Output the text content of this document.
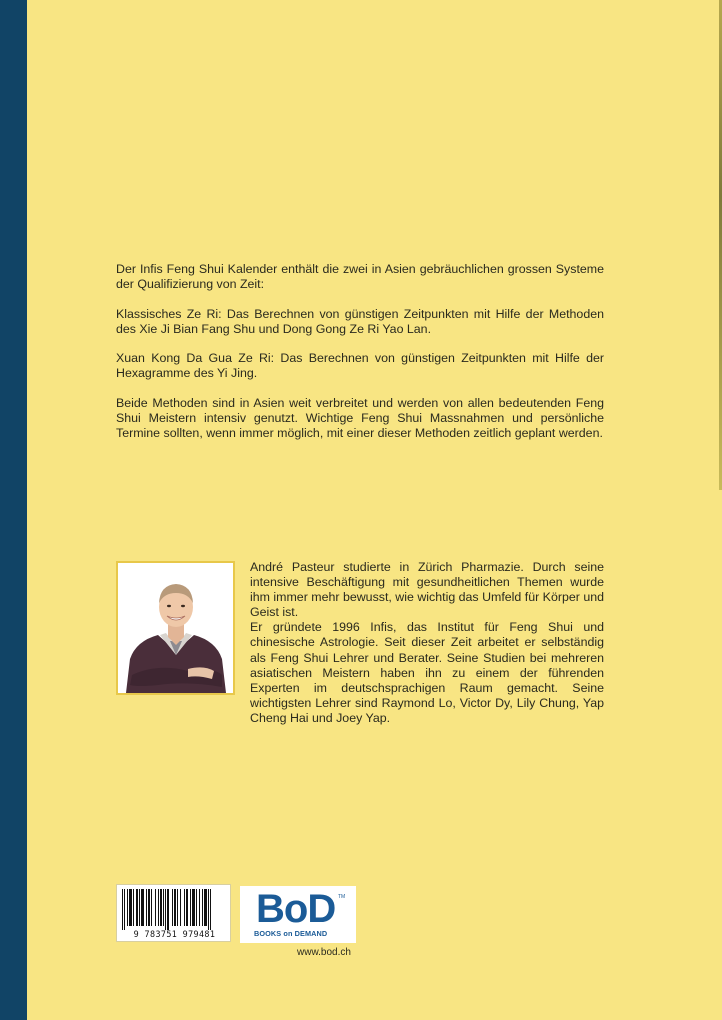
Der Infis Feng Shui Kalender enthält die zwei in Asien gebräuchlichen grossen Systeme der Qualifizierung von Zeit:

Klassisches Ze Ri: Das Berechnen von günstigen Zeitpunkten mit Hilfe der Methoden des Xie Ji Bian Fang Shu und Dong Gong Ze Ri Yao Lan.

Xuan Kong Da Gua Ze Ri: Das Berechnen von günstigen Zeitpunkten mit Hilfe der Hexagramme des Yi Jing.

Beide Methoden sind in Asien weit verbreitet und werden von allen bedeutenden Feng Shui Meistern intensiv genutzt. Wichtige Feng Shui Massnahmen und persönliche Termine sollten, wenn immer möglich, mit einer dieser Methoden zeitlich geplant werden.

André Pasteur studierte in Zürich Pharmazie. Durch seine intensive Beschäftigung mit gesundheitlichen Themen wurde ihm immer mehr bewusst, wie wichtig das Umfeld für Körper und Geist ist.

Er gründete 1996 Infis, das Institut für Feng Shui und chinesische Astrologie. Seit dieser Zeit arbeitet er selbständig als Feng Shui Lehrer und Berater. Seine Studien bei mehreren asiatischen Meistern haben ihn zu einem der führenden Experten im deutschsprachigen Raum gemacht. Seine wichtigsten Lehrer sind Raymond Lo, Victor Dy, Lily Chung, Yap Cheng Hai und Joey Yap.

9 783751 979481
BoD TM
BOOKS on DEMAND
www.bod.ch
